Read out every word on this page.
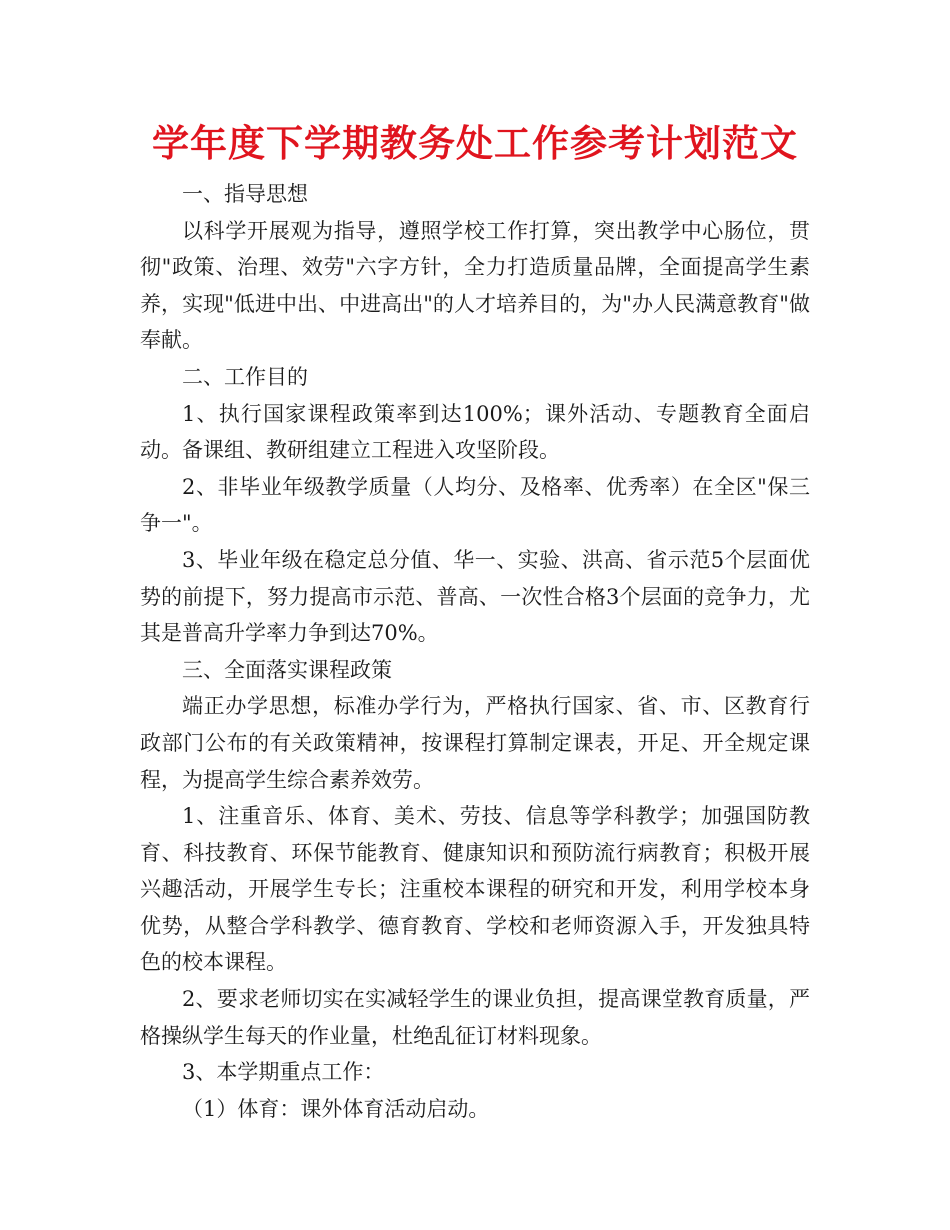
学年度下学期教务处工作参考计划范文

一、指导思想

以科学开展观为指导，遵照学校工作打算，突出教学中心肠位，贯彻"政策、治理、效劳"六字方针，全力打造质量品牌，全面提高学生素养，实现"低进中出、中进高出"的人才培养目的，为"办人民满意教育"做奉献。

二、工作目的

1、执行国家课程政策率到达100%；课外活动、专题教育全面启动。备课组、教研组建立工程进入攻坚阶段。

2、非毕业年级教学质量（人均分、及格率、优秀率）在全区"保三争一"。

3、毕业年级在稳定总分值、华一、实验、洪高、省示范5个层面优势的前提下，努力提高市示范、普高、一次性合格3个层面的竞争力，尤其是普高升学率力争到达70%。

三、全面落实课程政策

端正办学思想，标准办学行为，严格执行国家、省、市、区教育行政部门公布的有关政策精神，按课程打算制定课表，开足、开全规定课程，为提高学生综合素养效劳。

1、注重音乐、体育、美术、劳技、信息等学科教学；加强国防教育、科技教育、环保节能教育、健康知识和预防流行病教育；积极开展兴趣活动，开展学生专长；注重校本课程的研究和开发，利用学校本身优势，从整合学科教学、德育教育、学校和老师资源入手，开发独具特色的校本课程。

2、要求老师切实在实减轻学生的课业负担，提高课堂教育质量，严格操纵学生每天的作业量，杜绝乱征订材料现象。

3、本学期重点工作：

（1）体育：课外体育活动启动。
